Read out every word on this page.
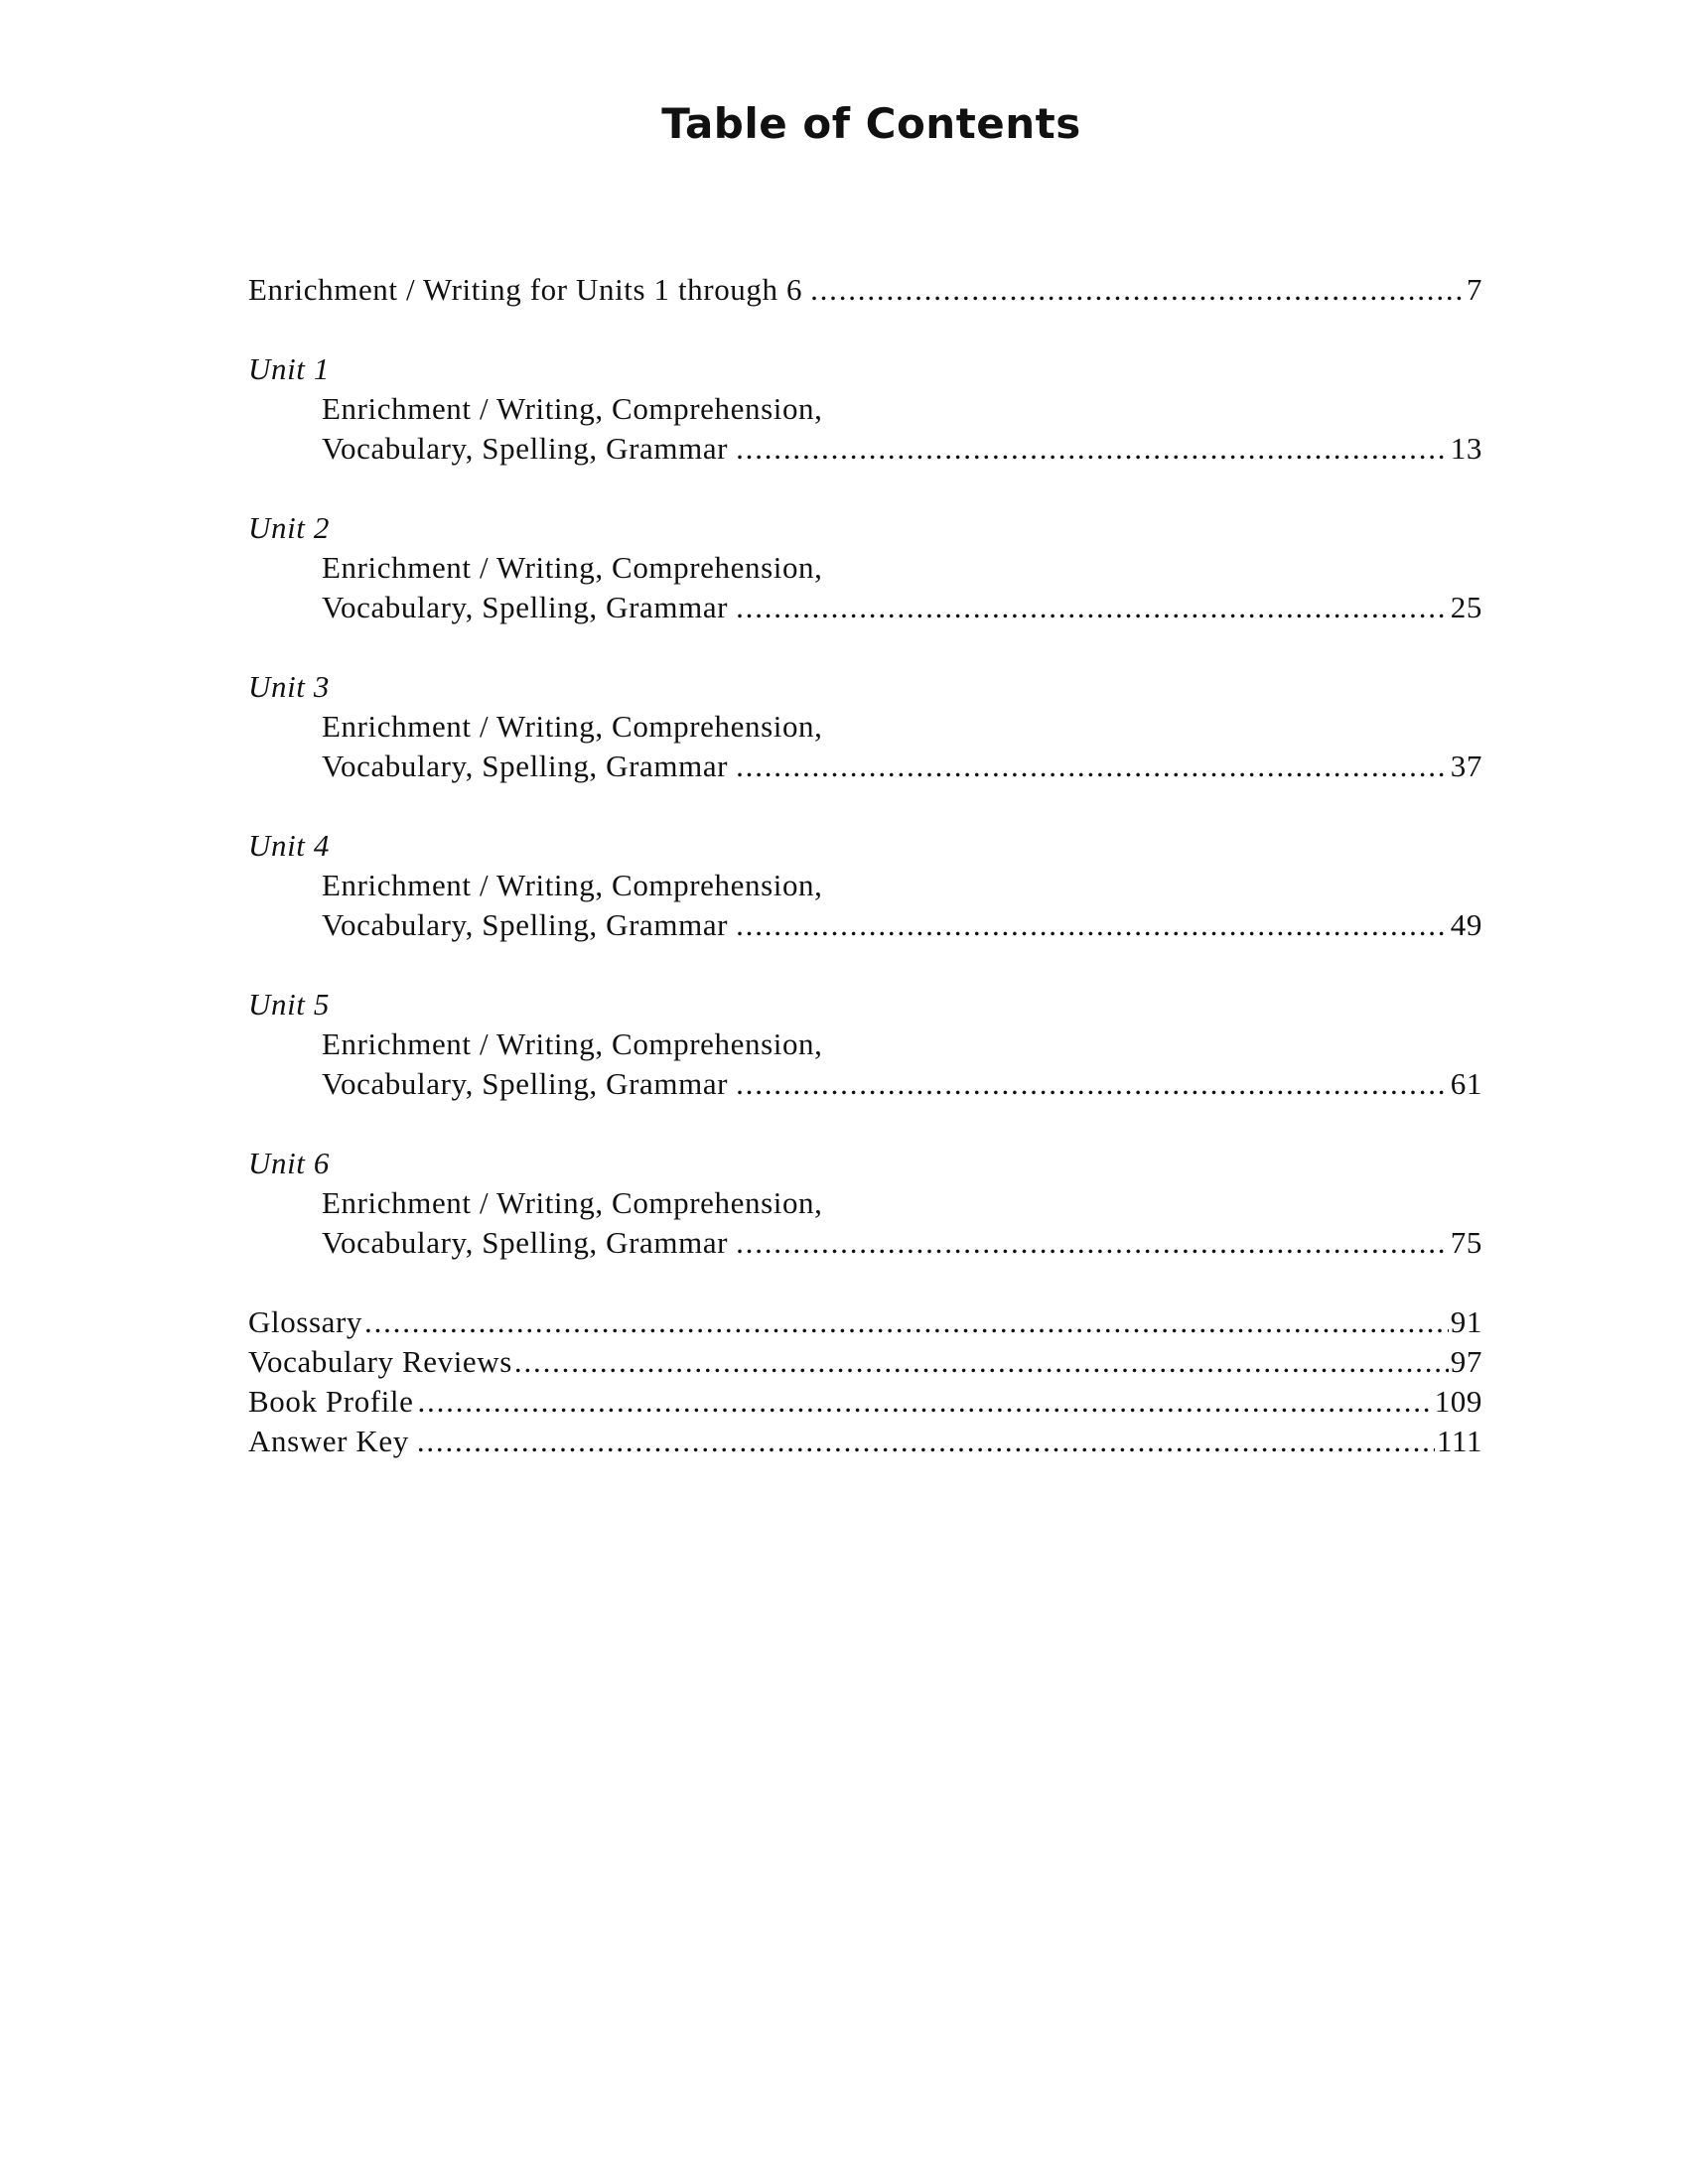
Table of Contents
Enrichment / Writing for Units 1 through 6 .....	7
Unit 1
Enrichment / Writing, Comprehension,
Vocabulary, Spelling, Grammar .....	13
Unit 2
Enrichment / Writing, Comprehension,
Vocabulary, Spelling, Grammar .....	25
Unit 3
Enrichment / Writing, Comprehension,
Vocabulary, Spelling, Grammar .....	37
Unit 4
Enrichment / Writing, Comprehension,
Vocabulary, Spelling, Grammar .....	49
Unit 5
Enrichment / Writing, Comprehension,
Vocabulary, Spelling, Grammar .....	61
Unit 6
Enrichment / Writing, Comprehension,
Vocabulary, Spelling, Grammar .....	75
Glossary .....	91
Vocabulary Reviews .....	97
Book Profile .....	109
Answer Key .....	111
